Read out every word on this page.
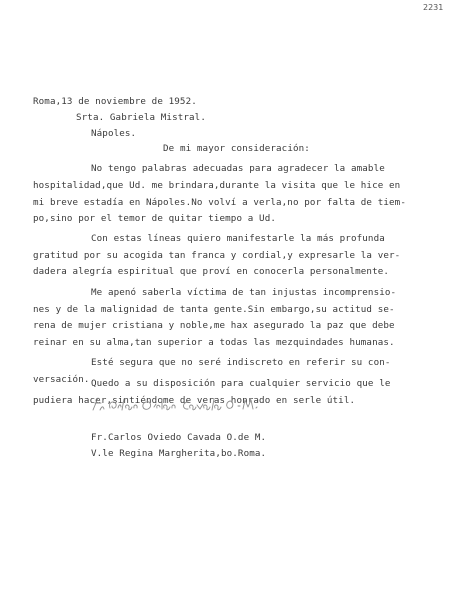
2231
Roma,13 de noviembre de 1952.
Srta. Gabriela Mistral.
Nápoles.
De mi mayor consideración:
No tengo palabras adecuadas para agradecer la amable
hospitalidad,que Ud. me brindara,durante la visita que le hice en
mi breve estadía en Nápoles.No volví a verla,no por falta de tiem-
po,sino por el temor de quitar tiempo a Ud.
Con estas líneas quiero manifestarle la más profunda
gratitud por su acogida tan franca y cordial,y expresarle la ver-
dadera alegría espiritual que proví en conocerla personalmente.
Me apenó saberla víctima de tan injustas incomprensio-
nes y de la malignidad de tanta gente.Sin embargo,su actitud se-
rena de mujer cristiana y noble,me hax asegurado la paz que debe
reinar en su alma,tan superior a todas las mezquindades humanas.
Esté segura que no seré indiscreto en referir su con-
versación. Quedo a su disposición para cualquier servicio que le
pudiera hacer,sintiéndome de veras honrado en serle útil.
Fr.Carlos Oviedo Cavada O.de M.
V.le Regina Margherita,bo.Roma.
